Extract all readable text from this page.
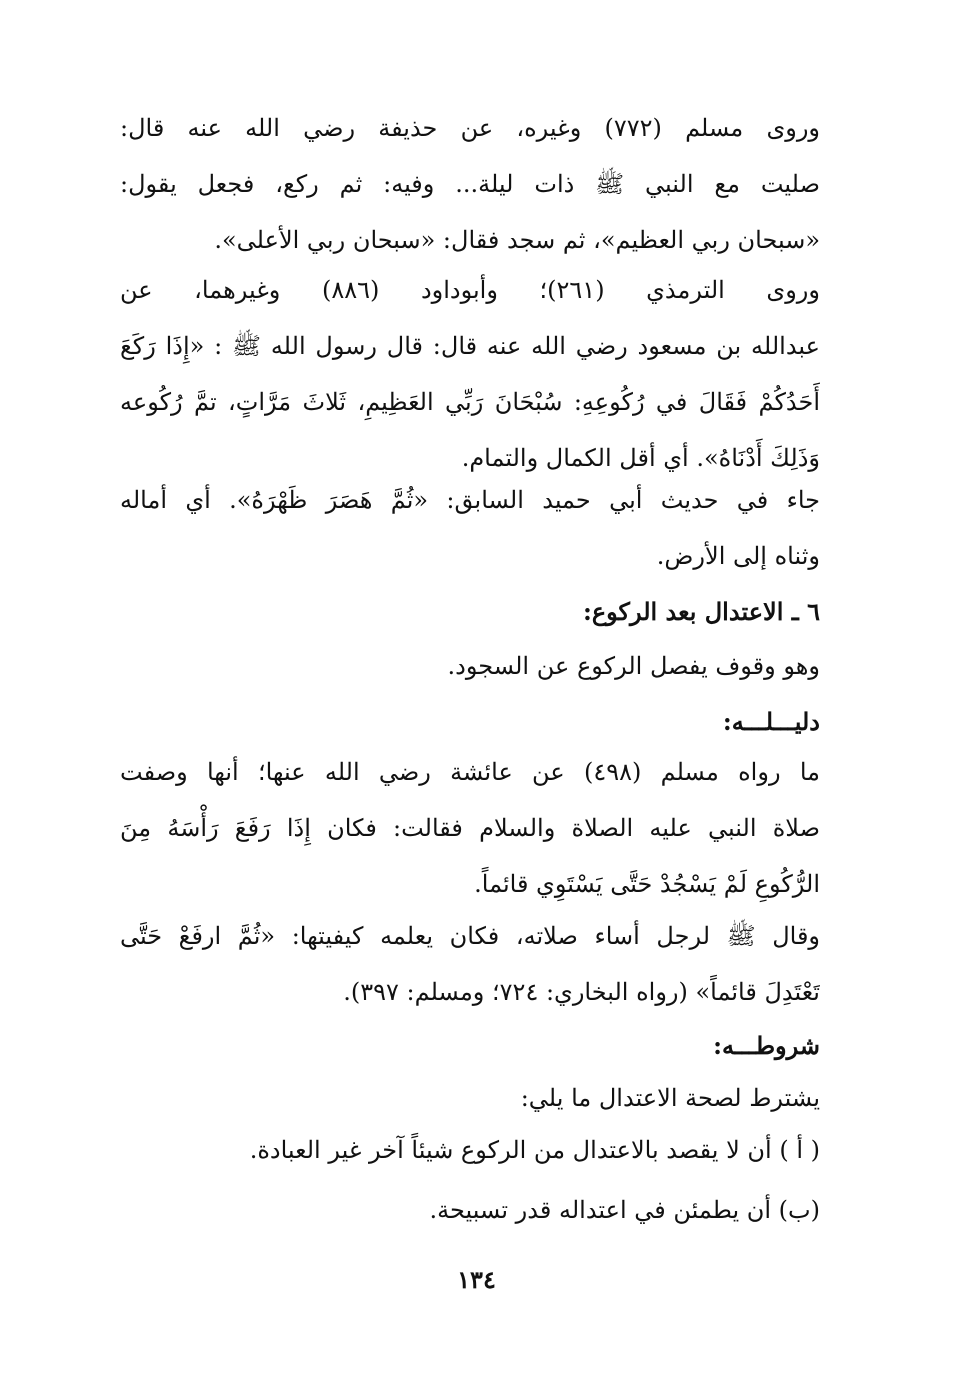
وروى مسلم (٧٧٢) وغيره، عن حذيفة رضي الله عنه قال:
صليت مع النبي ﷺ ذات ليلة... وفيه: ثم ركع، فجعل يقول:
«سبحان ربي العظيم»، ثم سجد فقال: «سبحان ربي الأعلى».
وروى الترمذي (٢٦١)؛ وأبوداود (٨٨٦) وغيرهما، عن
عبدالله بن مسعود رضي الله عنه قال: قال رسول الله ﷺ : «إِذَا رَكَعَ
أَحَدُكُمْ فَقَالَ في رُكُوعِهِ: سُبْحَانَ رَبِّي العَظِيمِ، ثَلاثَ مَرَّاتٍ، تمَّ رُكُوعه
وَذَلِكَ أَدْنَاهُ». أي أقل الكمال والتمام.
جاء في حديث أبي حميد السابق: «ثُمَّ هَصَرَ ظَهْرَهُ». أي أماله
وثناه إلى الأرض.
٦ ـ الاعتدال بعد الركوع:
وهو وقوف يفصل الركوع عن السجود.
دليـــلـــه:
ما رواه مسلم (٤٩٨) عن عائشة رضي الله عنها؛ أنها وصفت
صلاة النبي عليه الصلاة والسلام فقالت: فكان إِذَا رَفَعَ رَأْسَهُ مِنَ
الرُّكُوعِ لَمْ يَسْجُدْ حَتَّى يَسْتَوِي قائماً.
وقال ﷺ لرجل أساء صلاته، فكان يعلمه كيفيتها: «ثُمَّ ارفَعْ حَتَّى
تَعْتَدِلَ قائماً» (رواه البخاري: ٧٢٤؛ ومسلم: ٣٩٧).
شروطـــه:
يشترط لصحة الاعتدال ما يلي:
( أ ) أن لا يقصد بالاعتدال من الركوع شيئاً آخر غير العبادة.
(ب) أن يطمئن في اعتداله قدر تسبيحة.
١٣٤
